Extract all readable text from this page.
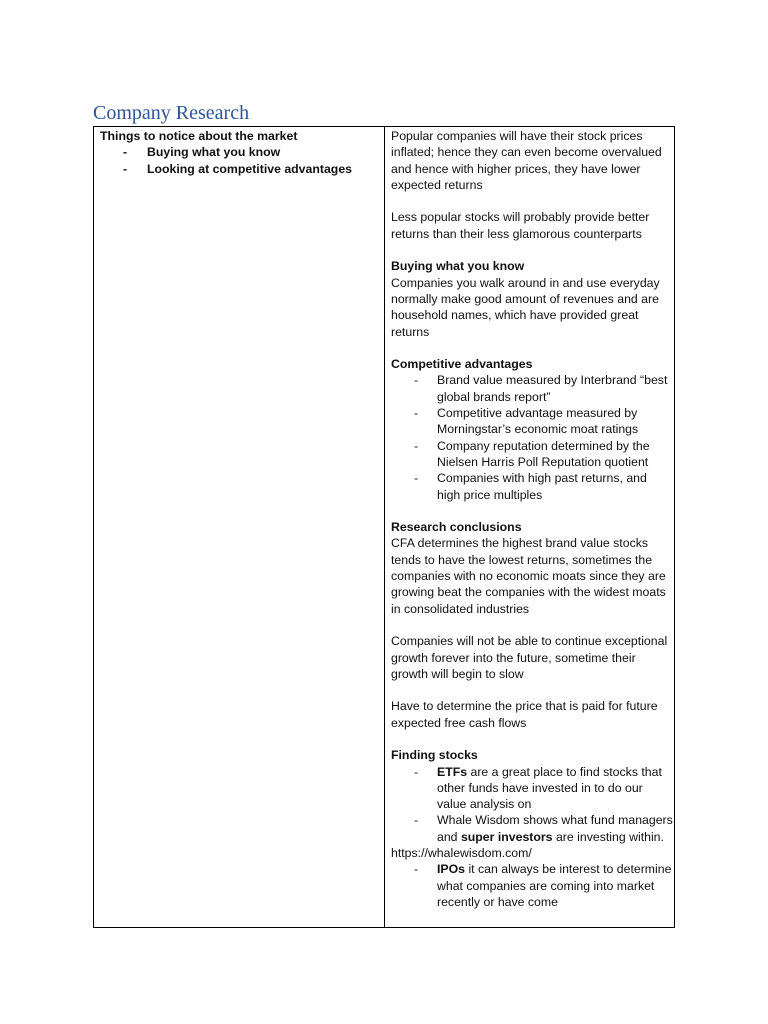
Company Research

Things to notice about the market

- Buying what you know
- Looking at competitive advantages

Popular companies will have their stock prices inflated; hence they can even become overvalued and hence with higher prices, they have lower expected returns

Less popular stocks will probably provide better returns than their less glamorous counterparts

Buying what you know

Companies you walk around in and use everyday normally make good amount of revenues and are household names, which have provided great returns

Competitive advantages

- Brand value measured by Interbrand “best global brands report”
- Competitive advantage measured by Morningstar’s economic moat ratings
- Company reputation determined by the Nielsen Harris Poll Reputation quotient
- Companies with high past returns, and high price multiples

Research conclusions

CFA determines the highest brand value stocks tends to have the lowest returns, sometimes the companies with no economic moats since they are growing beat the companies with the widest moats in consolidated industries

Companies will not be able to continue exceptional growth forever into the future, sometime their growth will begin to slow

Have to determine the price that is paid for future expected free cash flows

Finding stocks

- ETFs are a great place to find stocks that other funds have invested in to do our value analysis on
- Whale Wisdom shows what fund managers and super investors are investing within.

https://whalewisdom.com/

- IPOs it can always be interest to determine what companies are coming into market recently or have come
